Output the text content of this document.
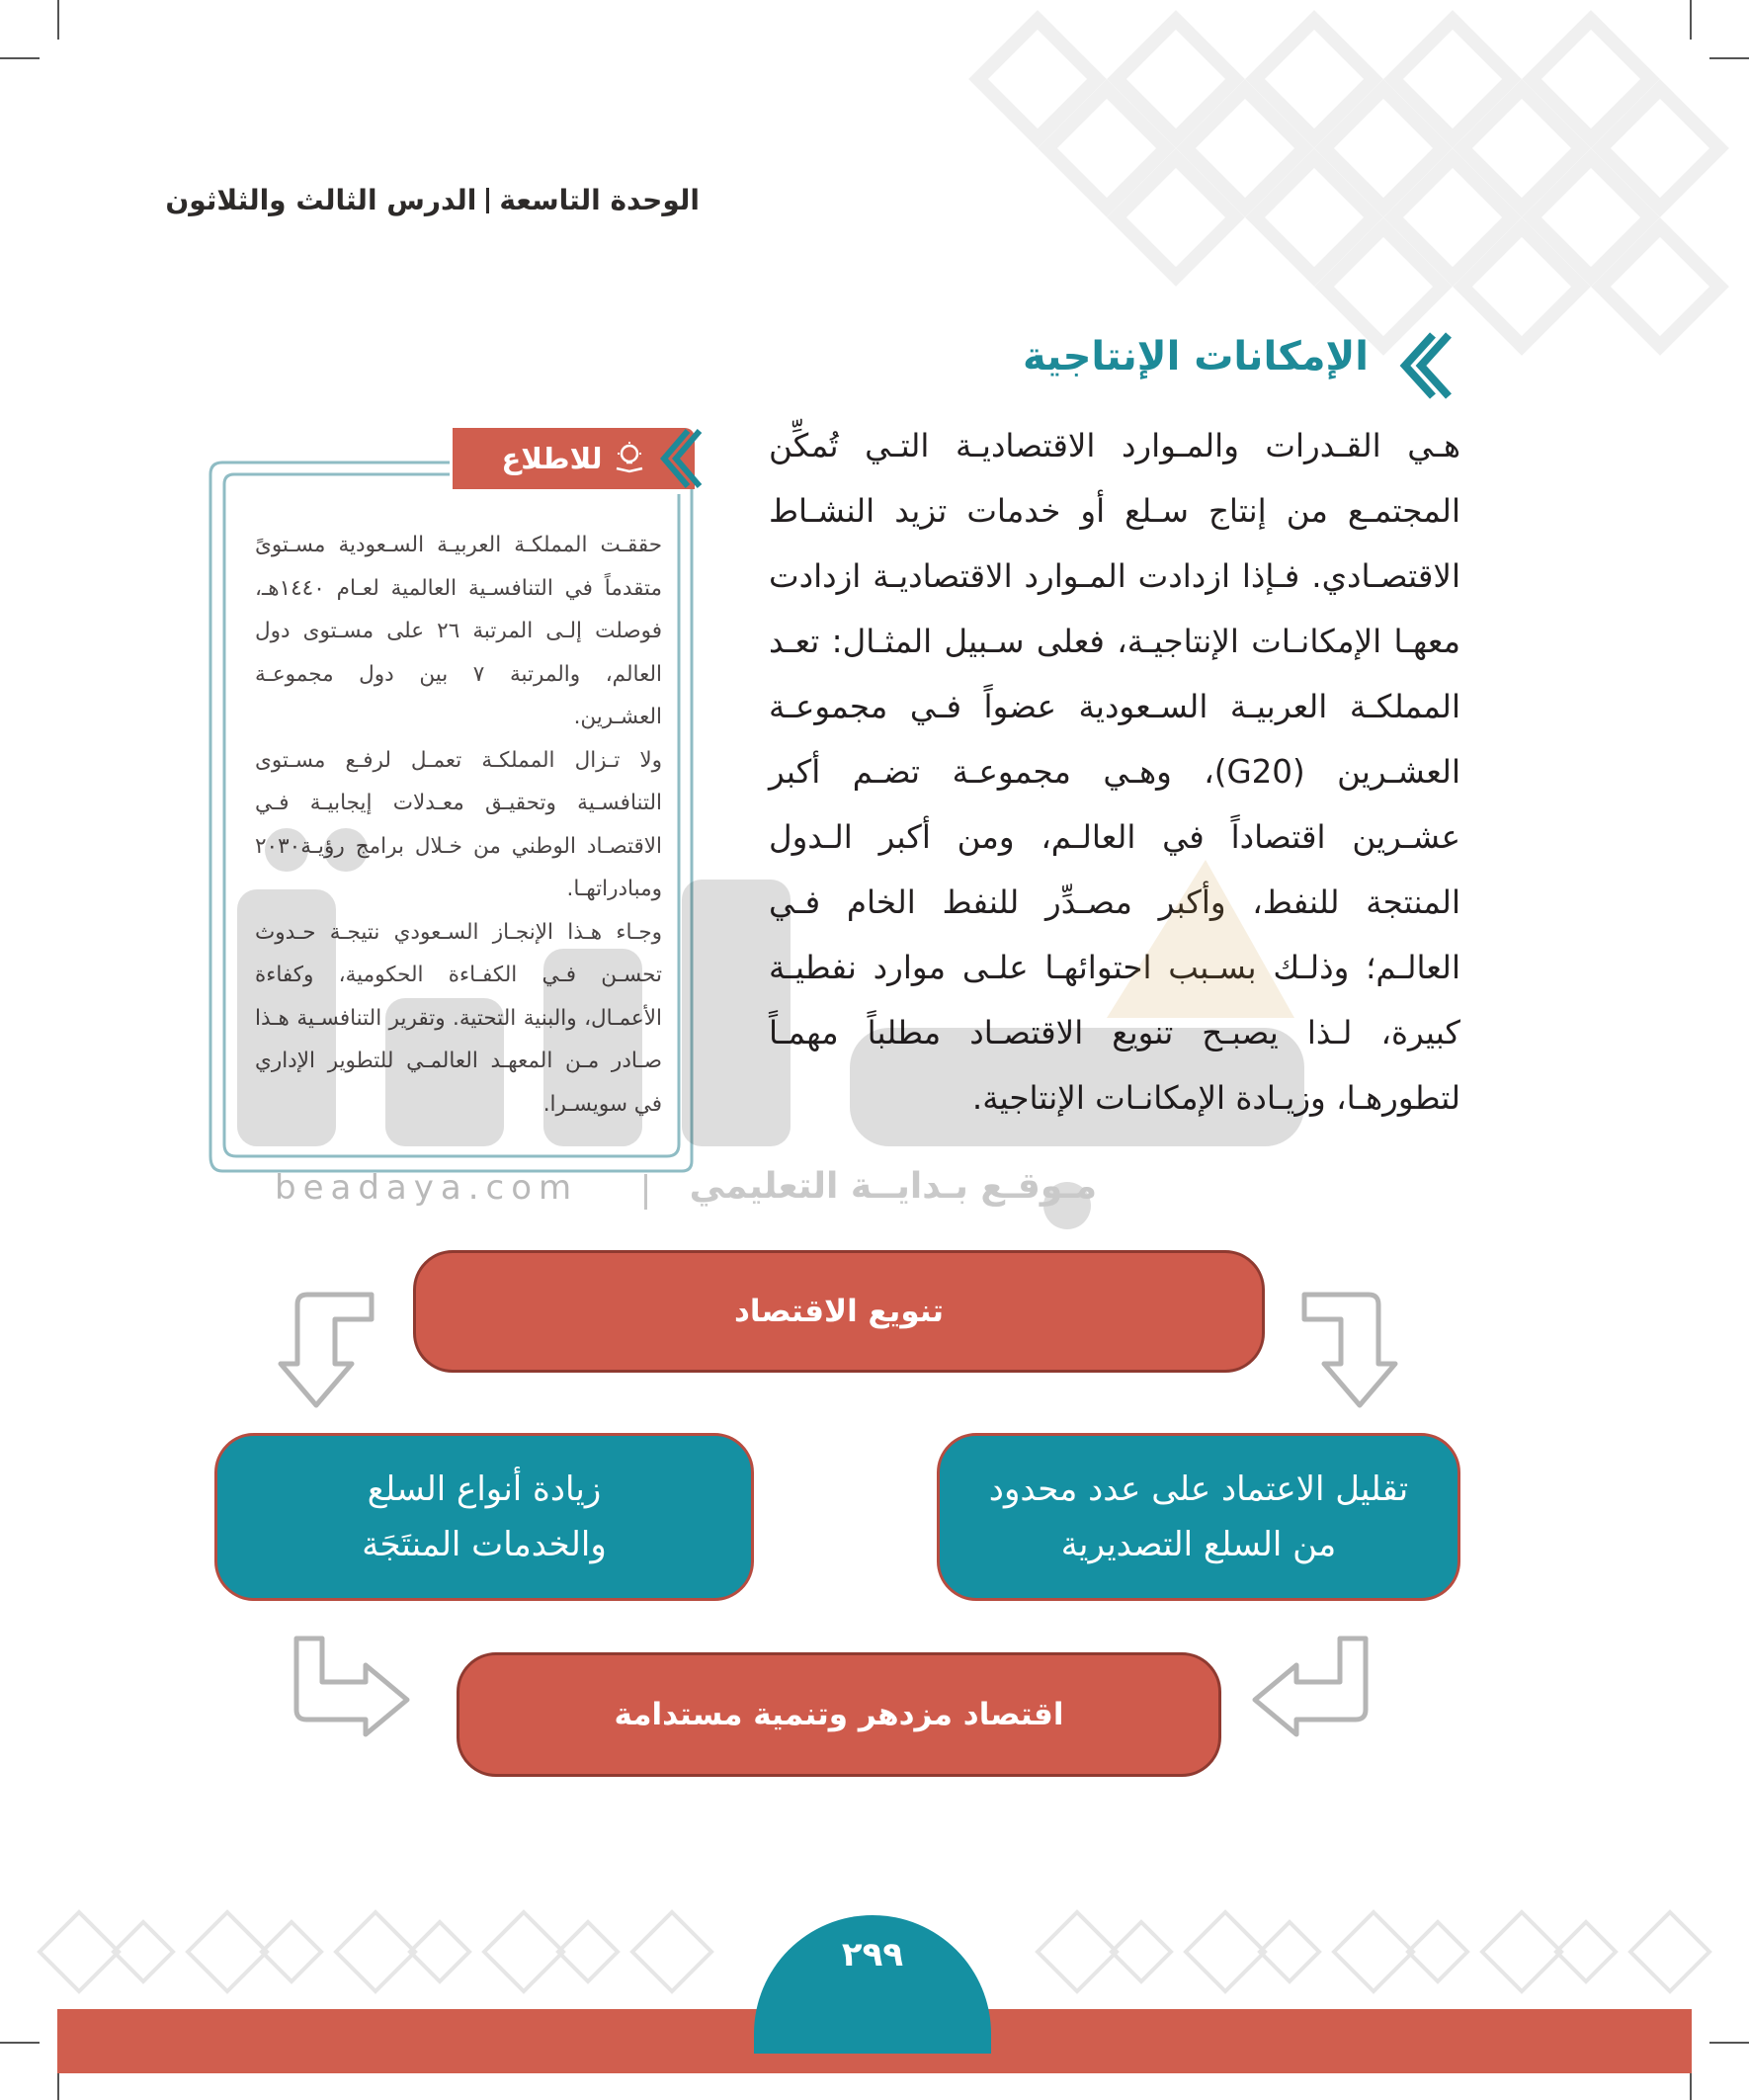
الوحدة التاسعةالدرس الثالث والثلاثون
الإمكانات الإنتاجية
هـي القـدرات والمـوارد الاقتصاديـة التـي تُمكِّن المجتمـع من إنتاج سـلع أو خدمات تزيد النشـاط الاقتصـادي. فـإذا ازدادت المـوارد الاقتصاديـة ازدادت معهـا الإمكانـات الإنتاجيـة، فعلى سـبيل المثـال: تعـد المملكـة العربيـة السـعودية عضواً فـي مجموعـة العشـرين (G20)، وهـي مجموعـة تضـم أكبر عشـرين اقتصاداً في العالـم، ومن أكبر الـدول المنتجة للنفط، وأكبر مصـدِّر للنفط الخام فـي العالـم؛ وذلـك بسـبب احتوائهـا علـى موارد نفطيـة كبيرة، لـذا يصبـح تنويع الاقتصـاد مطلباً مهمـاً لتطورهـا، وزيـادة الإمكانـات الإنتاجية.
للاطلاع

حققـت المملكـة العربيـة السـعودية مسـتوىً متقدماً في التنافسـية العالمية لعـام ١٤٤٠هـ، فوصلت إلـى المرتبة ٢٦ على مسـتوى دول العالم، والمرتبة ٧ بين دول مجموعـة العشـرين.

ولا تـزال المملكـة تعمـل لرفـع مسـتوى التنافسـية وتحقيـق معـدلات إيجابيـة فـي الاقتصـاد الوطني من خـلال برامج رؤيـة٢٠٣٠ ومبادراتهـا.

وجـاء هـذا الإنجـاز السـعودي نتيجـة حـدوث تحسـن فـي الكفـاءة الحكومية، وكفاءة الأعمـال، والبنية التحتية. وتقرير التنافسـية هـذا صـادر مـن المعهـد العالمـي للتطوير الإداري في سويسـرا.

beadaya.com	مـوقـع بـدايــة التعليمي
تنويع الاقتصاد
زيادة أنواع السلع
والخدمات المنتَجَة
تقليل الاعتماد على عدد محدود
من السلع التصديرية
اقتصاد مزدهر وتنمية مستدامة
٢٩٩
